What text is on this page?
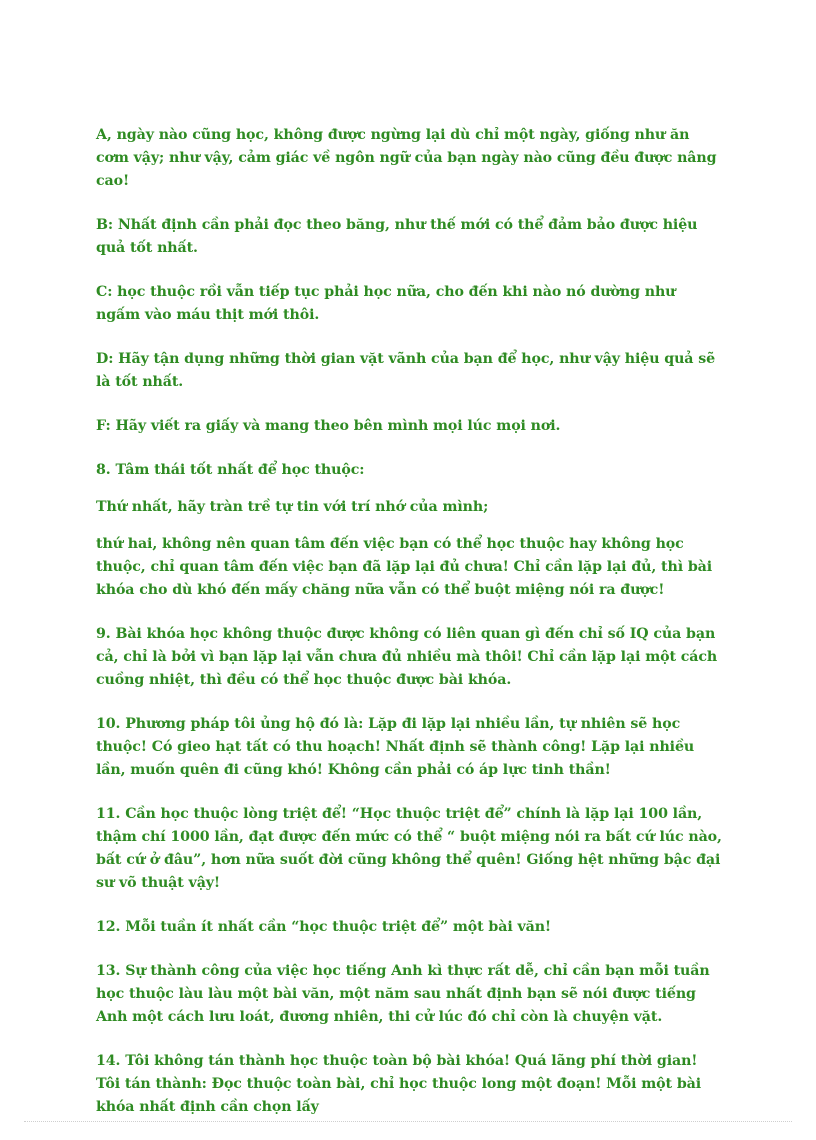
A, ngày nào cũng học, không được ngừng lại dù chỉ một ngày, giống như ăn cơm vậy; như vậy, cảm giác về ngôn ngữ của bạn ngày nào cũng đều được nâng cao!

B: Nhất định cần phải đọc theo băng, như thế mới có thể đảm bảo được hiệu quả tốt nhất.

C: học thuộc rồi vẫn tiếp tục phải học nữa, cho đến khi nào nó dường như ngấm vào máu thịt mới thôi.

D: Hãy tận dụng những thời gian vặt vãnh của bạn để học, như vậy hiệu quả sẽ là tốt nhất.

F: Hãy viết ra giấy và mang theo bên mình mọi lúc mọi nơi.

8. Tâm thái tốt nhất để học thuộc:

Thứ nhất, hãy tràn trề tự tin với trí nhớ của mình;

thứ hai, không nên quan tâm đến việc bạn có thể học thuộc hay không học thuộc, chỉ quan tâm đến việc bạn đã lặp lại đủ chưa! Chỉ cần lặp lại đủ, thì bài khóa cho dù khó đến mấy chăng nữa vẫn có thể buột miệng nói ra được!

9. Bài khóa học không thuộc được không có liên quan gì đến chỉ số IQ của bạn cả, chỉ là bởi vì bạn lặp lại vẫn chưa đủ nhiều mà thôi! Chỉ cần lặp lại một cách cuồng nhiệt, thì đều có thể học thuộc được bài khóa.

10. Phương pháp tôi ủng hộ đó là: Lặp đi lặp lại nhiều lần, tự nhiên sẽ học thuộc! Có gieo hạt tất có thu hoạch! Nhất định sẽ thành công! Lặp lại nhiều lần, muốn quên đi cũng khó! Không cần phải có áp lực tinh thần!

11. Cần học thuộc lòng triệt để! “Học thuộc triệt để” chính là lặp lại 100 lần, thậm chí 1000 lần, đạt được đến mức có thể “ buột miệng nói ra bất cứ lúc nào, bất cứ ở đâu”, hơn nữa suốt đời cũng không thể quên! Giống hệt những bậc đại sư võ thuật vậy!

12. Mỗi tuần ít nhất cần “học thuộc triệt để” một bài văn!

13. Sự thành công của việc học tiếng Anh kì thực rất dễ, chỉ cần bạn mỗi tuần học thuộc làu làu một bài văn, một năm sau nhất định bạn sẽ nói được tiếng Anh một cách lưu loát, đương nhiên, thi cử lúc đó chỉ còn là chuyện vặt.

14. Tôi không tán thành học thuộc toàn bộ bài khóa! Quá lãng phí thời gian! Tôi tán thành: Đọc thuộc toàn bài, chỉ học thuộc long một đoạn! Mỗi một bài khóa nhất định cần chọn lấy
